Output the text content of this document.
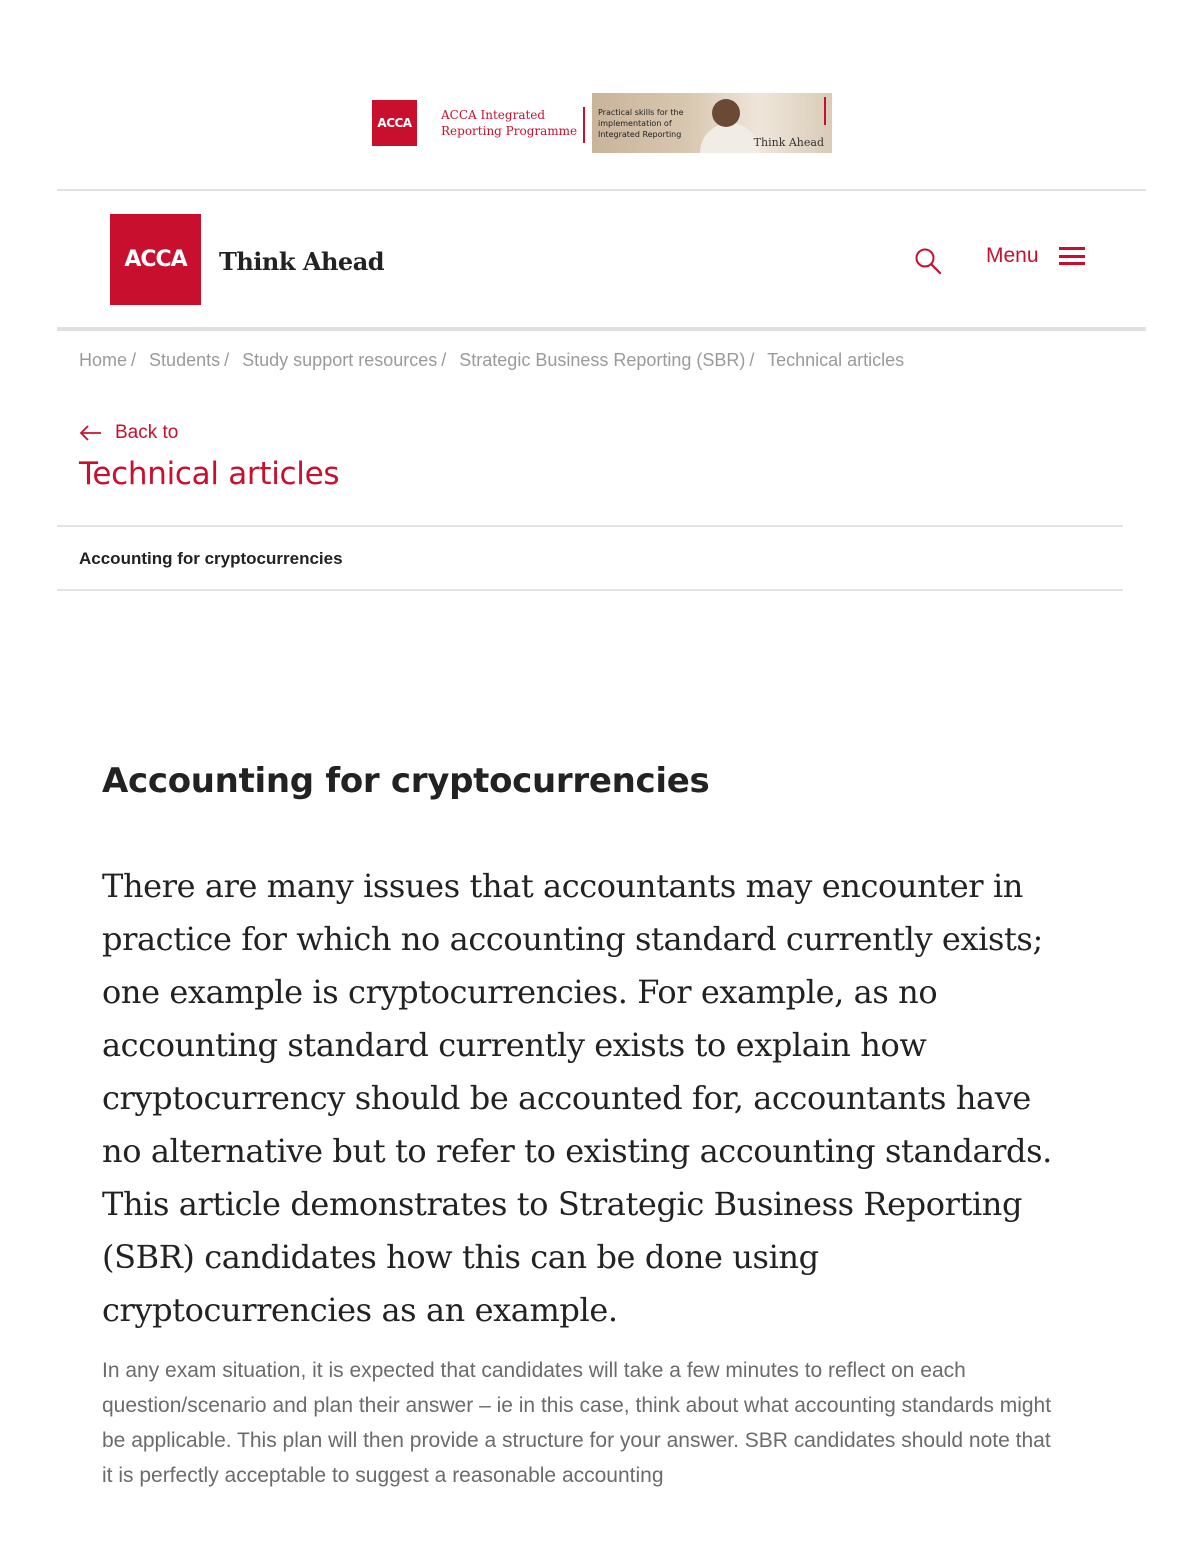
ACCA
ACCA Integrated Reporting Programme
Practical skills for the implementation of Integrated Reporting
Think Ahead
ACCA	Think Ahead	Menu
Home / Students / Study support resources / Strategic Business Reporting (SBR) / Technical articles
Back to
Technical articles
Accounting for cryptocurrencies
Accounting for cryptocurrencies

There are many issues that accountants may encounter in practice for which no accounting standard currently exists; one example is cryptocurrencies. For example, as no accounting standard currently exists to explain how cryptocurrency should be accounted for, accountants have no alternative but to refer to existing accounting standards. This article demonstrates to Strategic Business Reporting (SBR) candidates how this can be done using cryptocurrencies as an example.

In any exam situation, it is expected that candidates will take a few minutes to reflect on each question/scenario and plan their answer – ie in this case, think about what accounting standards might be applicable. This plan will then provide a structure for your answer. SBR candidates should note that it is perfectly acceptable to suggest a reasonable accounting
